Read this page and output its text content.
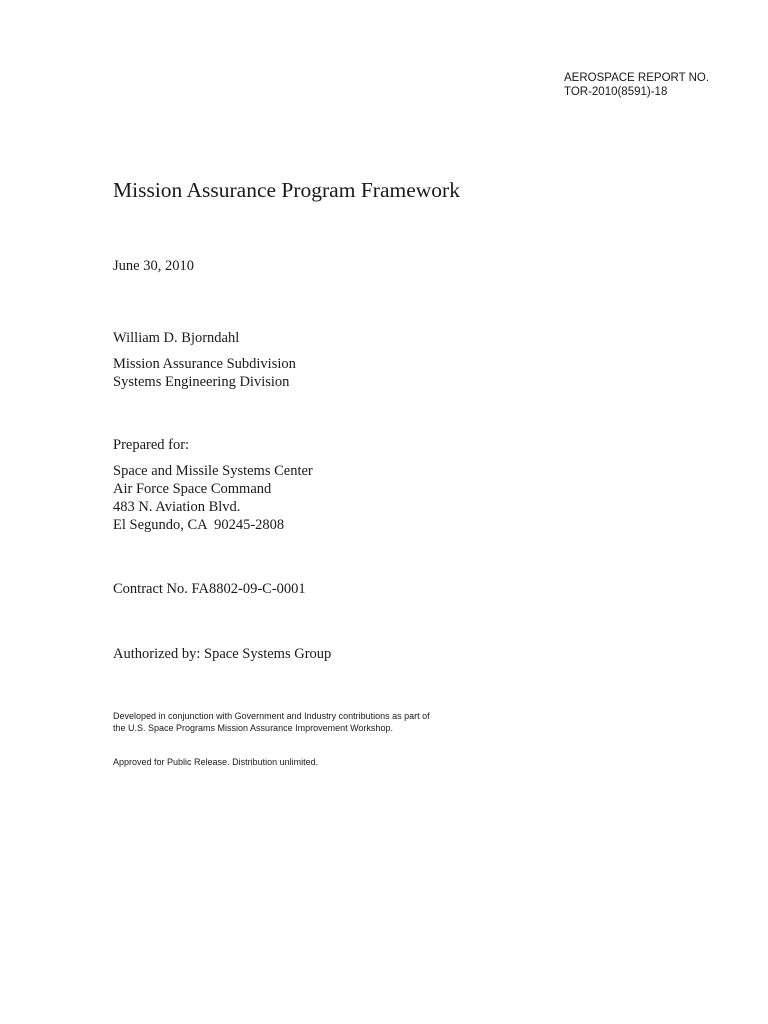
AEROSPACE REPORT NO.
TOR-2010(8591)-18
Mission Assurance Program Framework
June 30, 2010
William D. Bjorndahl
Mission Assurance Subdivision
Systems Engineering Division
Prepared for:
Space and Missile Systems Center
Air Force Space Command
483 N. Aviation Blvd.
El Segundo, CA  90245-2808
Contract No. FA8802-09-C-0001
Authorized by: Space Systems Group
Developed in conjunction with Government and Industry contributions as part of
the U.S. Space Programs Mission Assurance Improvement Workshop.
Approved for Public Release. Distribution unlimited.
